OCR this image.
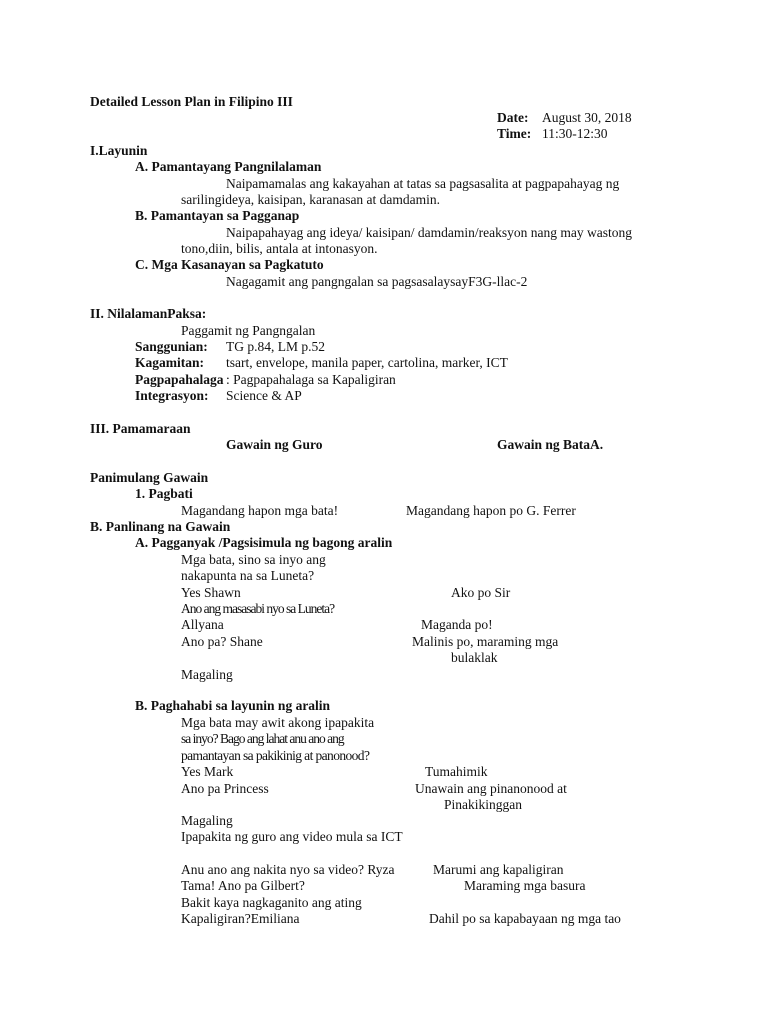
Detailed Lesson Plan in Filipino III
Date: August 30, 2018
Time: 11:30-12:30
I.Layunin
A. Pamantayang Pangnilalaman
Naipamamalas ang kakayahan at tatas sa pagsasalita at pagpapahayag ng
sarilingideya, kaisipan, karanasan at damdamin.
B. Pamantayan sa Pagganap
Naipapahayag ang ideya/ kaisipan/ damdamin/reaksyon nang may wastong
tono,diin, bilis, antala at intonasyon.
C. Mga Kasanayan sa Pagkatuto
Nagagamit ang pangngalan sa pagsasalaysayF3G-llac-2
II. NilalamanPaksa:
Paggamit ng Pangngalan
Sanggunian: TG p.84, LM p.52
Kagamitan: tsart, envelope, manila paper, cartolina, marker, ICT
Pagpapahalaga : Pagpapahalaga sa Kapaligiran
Integrasyon: Science & AP
III. Pamamaraan
Gawain ng Guro	Gawain ng BataA.
Panimulang Gawain
1. Pagbati
Magandang hapon mga bata!	Magandang hapon po G. Ferrer
B. Panlinang na Gawain
A. Pagganyak /Pagsisimula ng bagong aralin
Mga bata, sino sa inyo ang
nakapunta na sa Luneta?
Yes Shawn	Ako po Sir
Ano ang masasabi nyo sa Luneta?
Allyana	Maganda po!
Ano pa? Shane	Malinis po, maraming mga
bulaklak
Magaling
B. Paghahabi sa layunin ng aralin
Mga bata may awit akong ipapakita
sa inyo? Bago ang lahat anu ano ang
pamantayan sa pakikinig at panonood?
Yes Mark	Tumahimik
Ano pa Princess	Unawain ang pinanonood at
Pinakikinggan
Magaling
Ipapakita ng guro ang video mula sa ICT
Anu ano ang nakita nyo sa video? Ryza	Marumi ang kapaligiran
Tama! Ano pa Gilbert?	Maraming mga basura
Bakit kaya nagkaganito ang ating
Kapaligiran?Emiliana	Dahil po sa kapabayaan ng mga tao
